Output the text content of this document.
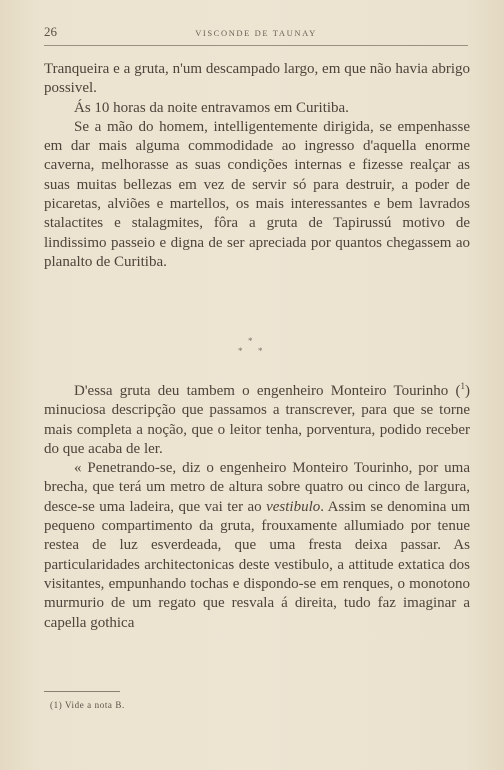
26	VISCONDE DE TAUNAY

Tranqueira e a gruta, n'um descampado largo, em que não havia abrigo possivel.

Ás 10 horas da noite entravamos em Curitiba.

Se a mão do homem, intelligentemente dirigida, se empenhasse em dar mais alguma commodidade ao ingresso d'aquella enorme caverna, melhorasse as suas condições internas e fizesse realçar as suas muitas bellezas em vez de servir só para destruir, a poder de picaretas, alviões e martellos, os mais interessantes e bem lavrados stalactites e stalagmites, fôra a gruta de Tapirussú motivo de lindissimo passeio e digna de ser apreciada por quantos chegassem ao planalto de Curitiba.

*
* *

D'essa gruta deu tambem o engenheiro Monteiro Tourinho ($^1$) minuciosa descripção que passamos a transcrever, para que se torne mais completa a noção, que o leitor tenha, porventura, podido receber do que acaba de ler.

« Penetrando-se, diz o engenheiro Monteiro Tourinho, por uma brecha, que terá um metro de altura sobre quatro ou cinco de largura, desce-se uma ladeira, que vai ter ao vestibulo. Assim se denomina um pequeno compartimento da gruta, frouxamente allumiado por tenue restea de luz esverdeada, que uma fresta deixa passar. As particularidades architectonicas deste vestibulo, a attitude extatica dos visitantes, empunhando tochas e dispondo-se em renques, o monotono murmurio de um regato que resvala á direita, tudo faz imaginar a capella gothica

(1) Vide a nota B.
